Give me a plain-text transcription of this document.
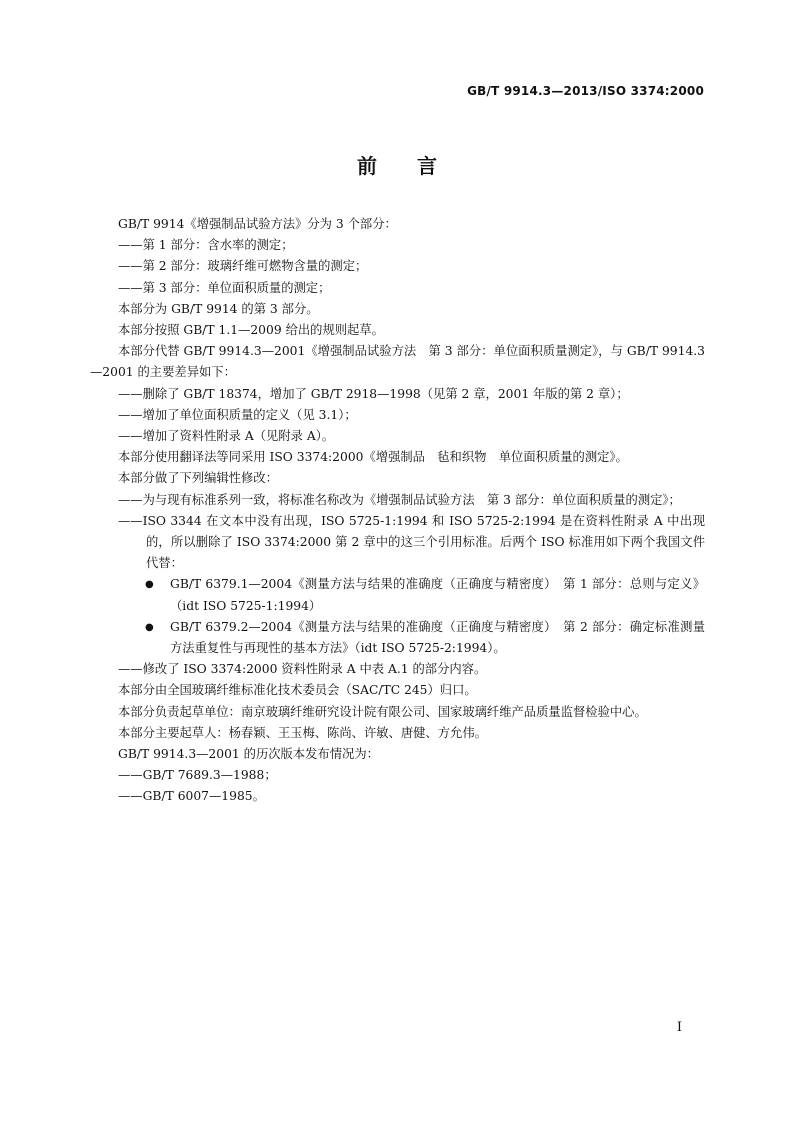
GB/T 9914.3—2013/ISO 3374:2000
前言

GB/T 9914《增强制品试验方法》分为 3 个部分：

——第 1 部分：含水率的测定；

——第 2 部分：玻璃纤维可燃物含量的测定；

——第 3 部分：单位面积质量的测定；

本部分为 GB/T 9914 的第 3 部分。

本部分按照 GB/T 1.1—2009 给出的规则起草。

本部分代替 GB/T 9914.3—2001《增强制品试验方法　第 3 部分：单位面积质量测定》，与 GB/T 9914.3—2001 的主要差异如下：

——删除了 GB/T 18374，增加了 GB/T 2918—1998（见第 2 章，2001 年版的第 2 章）；

——增加了单位面积质量的定义（见 3.1）；

——增加了资料性附录 A（见附录 A）。

本部分使用翻译法等同采用 ISO 3374:2000《增强制品　毡和织物　单位面积质量的测定》。

本部分做了下列编辑性修改：

——为与现有标准系列一致，将标准名称改为《增强制品试验方法　第 3 部分：单位面积质量的测定》；

——ISO 3344 在文本中没有出现，ISO 5725-1:1994 和 ISO 5725-2:1994 是在资料性附录 A 中出现的，所以删除了 ISO 3374:2000 第 2 章中的这三个引用标准。后两个 ISO 标准用如下两个我国文件代替：

● GB/T 6379.1—2004《测量方法与结果的准确度（正确度与精密度）　第 1 部分：总则与定义》（idt ISO 5725-1:1994）

● GB/T 6379.2—2004《测量方法与结果的准确度（正确度与精密度）　第 2 部分：确定标准测量方法重复性与再现性的基本方法》（idt ISO 5725-2:1994）。

——修改了 ISO 3374:2000 资料性附录 A 中表 A.1 的部分内容。

本部分由全国玻璃纤维标准化技术委员会（SAC/TC 245）归口。

本部分负责起草单位：南京玻璃纤维研究设计院有限公司、国家玻璃纤维产品质量监督检验中心。

本部分主要起草人：杨春颖、王玉梅、陈尚、许敏、唐健、方允伟。

GB/T 9914.3—2001 的历次版本发布情况为：

——GB/T 7689.3—1988；

——GB/T 6007—1985。

I
